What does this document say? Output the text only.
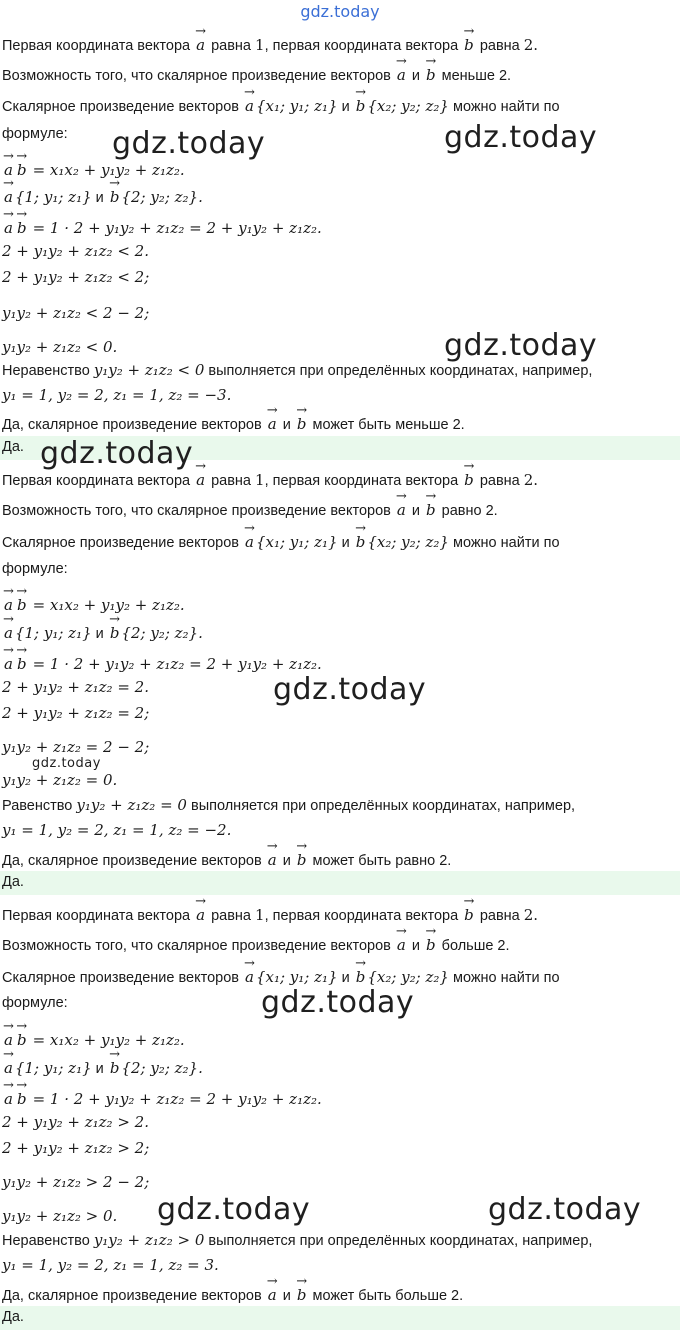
gdz.today
Первая координата вектора → a равна 1, первая координата вектора → b равна 2.
Возможность того, что скалярное произведение векторов → a и → b меньше 2.
Скалярное произведение векторов → a {x₁; y₁; z₁} и → b {x₂; y₂; z₂} можно найти по
формуле:
→ a → b = x₁x₂ + y₁y₂ + z₁z₂.
→ a {1; y₁; z₁} и → b {2; y₂; z₂}.
→ a → b = 1 · 2 + y₁y₂ + z₁z₂ = 2 + y₁y₂ + z₁z₂.
2 + y₁y₂ + z₁z₂ < 2.
2 + y₁y₂ + z₁z₂ < 2;
y₁y₂ + z₁z₂ < 2 − 2;
y₁y₂ + z₁z₂ < 0.
Неравенство y₁y₂ + z₁z₂ < 0 выполняется при определённых координатах, например,
y₁ = 1, y₂ = 2, z₁ = 1, z₂ = −3.
Да, скалярное произведение векторов → a и → b может быть меньше 2.
Да.
Первая координата вектора → a равна 1, первая координата вектора → b равна 2.
Возможность того, что скалярное произведение векторов → a и → b равно 2.
Скалярное произведение векторов → a {x₁; y₁; z₁} и → b {x₂; y₂; z₂} можно найти по
формуле:
→ a → b = x₁x₂ + y₁y₂ + z₁z₂.
→ a {1; y₁; z₁} и → b {2; y₂; z₂}.
→ a → b = 1 · 2 + y₁y₂ + z₁z₂ = 2 + y₁y₂ + z₁z₂.
2 + y₁y₂ + z₁z₂ = 2.
2 + y₁y₂ + z₁z₂ = 2;
y₁y₂ + z₁z₂ = 2 − 2;
y₁y₂ + z₁z₂ = 0.
Равенство y₁y₂ + z₁z₂ = 0 выполняется при определённых координатах, например,
y₁ = 1, y₂ = 2, z₁ = 1, z₂ = −2.
Да, скалярное произведение векторов → a и → b может быть равно 2.
Да.
Первая координата вектора → a равна 1, первая координата вектора → b равна 2.
Возможность того, что скалярное произведение векторов → a и → b больше 2.
Скалярное произведение векторов → a {x₁; y₁; z₁} и → b {x₂; y₂; z₂} можно найти по
формуле:
→ a → b = x₁x₂ + y₁y₂ + z₁z₂.
→ a {1; y₁; z₁} и → b {2; y₂; z₂}.
→ a → b = 1 · 2 + y₁y₂ + z₁z₂ = 2 + y₁y₂ + z₁z₂.
2 + y₁y₂ + z₁z₂ > 2.
2 + y₁y₂ + z₁z₂ > 2;
y₁y₂ + z₁z₂ > 2 − 2;
y₁y₂ + z₁z₂ > 0.
Неравенство y₁y₂ + z₁z₂ > 0 выполняется при определённых координатах, например,
y₁ = 1, y₂ = 2, z₁ = 1, z₂ = 3.
Да, скалярное произведение векторов → a и → b может быть больше 2.
Да.
gdz.today	gdz.today
gdz.today
gdz.today
gdz.today
gdz.today
gdz.today
gdz.today	gdz.today
